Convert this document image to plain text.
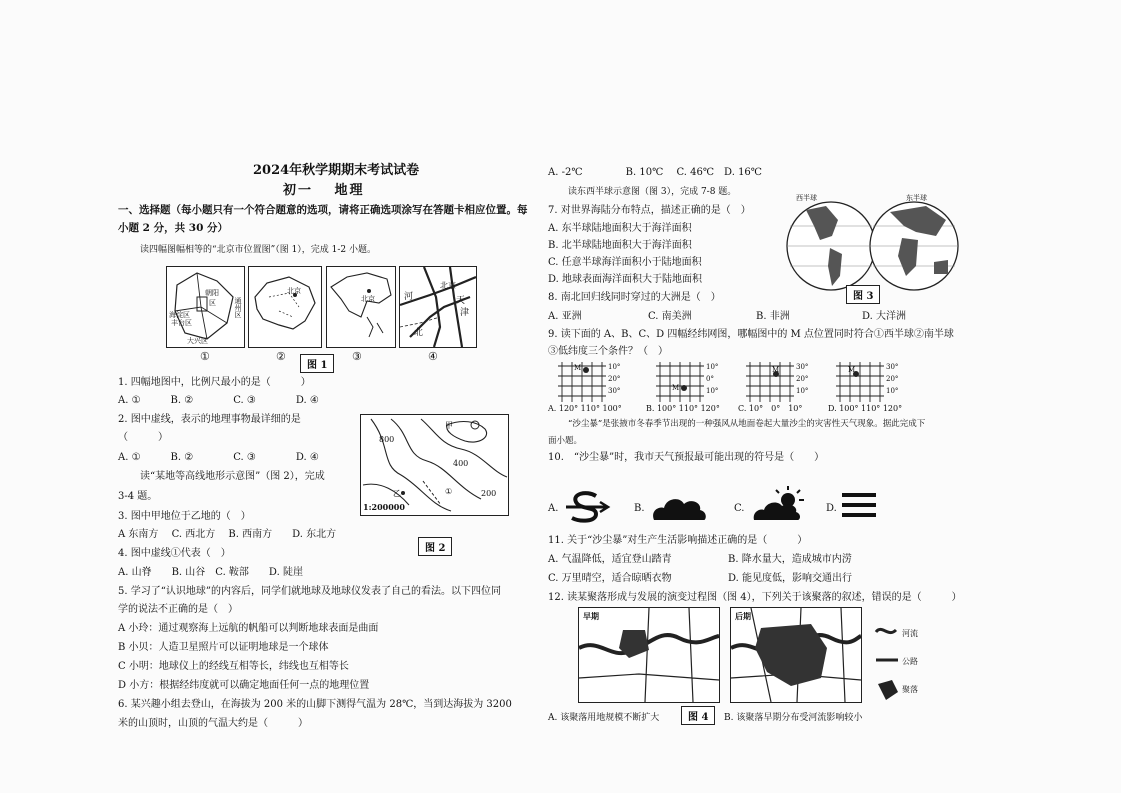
2024年秋学期期末考试试卷
初一　 地理
一、选择题（每小题只有一个符合题意的选项，请将正确选项涂写在答题卡相应位置。每
小题 2 分，共 30 分）
读四幅图幅相等的“北京市位置图”（图 1），完成 1-2 小题。
海淀区
朝阳
区	通州区
丰台区
大兴区
北京
北京
北京
天
河
津
北
①	②	③	④
图 1
1. 四幅地图中，比例尺最小的是（　　　）
A. ①　　　B. ②　　　　C. ③　　　　D. ④
2. 图中虚线，表示的地理事物最详细的是
（　　　）
A. ①　　　B. ②　　　　C. ③　　　　D. ④
读“某地等高线地形示意图”（图 2），完成
3-4 题。
800
400
200
甲
乙	①
1:200000
图 2
3. 图中甲地位于乙地的（　）
A 东南方　 C. 西北方　 B. 西南方　　D. 东北方
4. 图中虚线①代表（　）
A. 山脊　　B. 山谷　C. 鞍部　　D. 陡崖
5. 学习了“认识地球”的内容后，同学们就地球及地球仪发表了自己的看法。以下四位同
学的说法不正确的是（　）
A 小玲：通过观察海上远航的帆船可以判断地球表面是曲面
B 小贝：人造卫星照片可以证明地球是一个球体
C 小明：地球仪上的经线互相等长，纬线也互相等长
D 小方：根据经纬度就可以确定地面任何一点的地理位置
6. 某兴趣小组去登山，在海拔为 200 米的山脚下测得气温为 28℃，当到达海拔为 3200
米的山顶时，山顶的气温大约是（　　　）
A. -2℃　　　　 B. 10℃　 C. 46℃　D. 16℃
读东西半球示意图（图 3），完成 7-8 题。
7. 对世界海陆分布特点，描述正确的是（　）
A. 东半球陆地面积大于海洋面积
B. 北半球陆地面积大于海洋面积
C. 任意半球海洋面积小于陆地面积
D. 地球表面海洋面积大于陆地面积
西半球	东半球
图 3
8. 南北回归线同时穿过的大洲是（　）
A. 亚洲	C. 南美洲	B. 非洲	D. 大洋洲
9. 读下面的 A、B、C、D 四幅经纬网图，哪幅图中的 M 点位置同时符合①西半球②南半球
③低纬度三个条件？（　）
M
M
M	M
10°
20°
30°
10°
0°
10°
30°
20°
10°
30°
20°
10°
A. 120° 110° 100°	B. 100° 110° 120° C. 10°　0°　10°	D. 100° 110° 120°
“沙尘暴”是张掖市冬春季节出现的一种强风从地面卷起大量沙尘的灾害性天气现象。据此完成下
面小题。
10.　“沙尘暴”时，我市天气预报最可能出现的符号是（　　）
A.	B.	C.	D.
11. 关于“沙尘暴”对生产生活影响描述正确的是（　　　）
A. 气温降低，适宜登山踏青	B. 降水量大，造成城市内涝
C. 万里晴空，适合晾晒衣物	D. 能见度低，影响交通出行
12. 读某聚落形成与发展的演变过程图（图 4），下列关于该聚落的叙述，错误的是（　　　）
早期	后期
图 4
河流
公路
聚落
A. 该聚落用地规模不断扩大	B. 该聚落早期分布受河流影响较小
